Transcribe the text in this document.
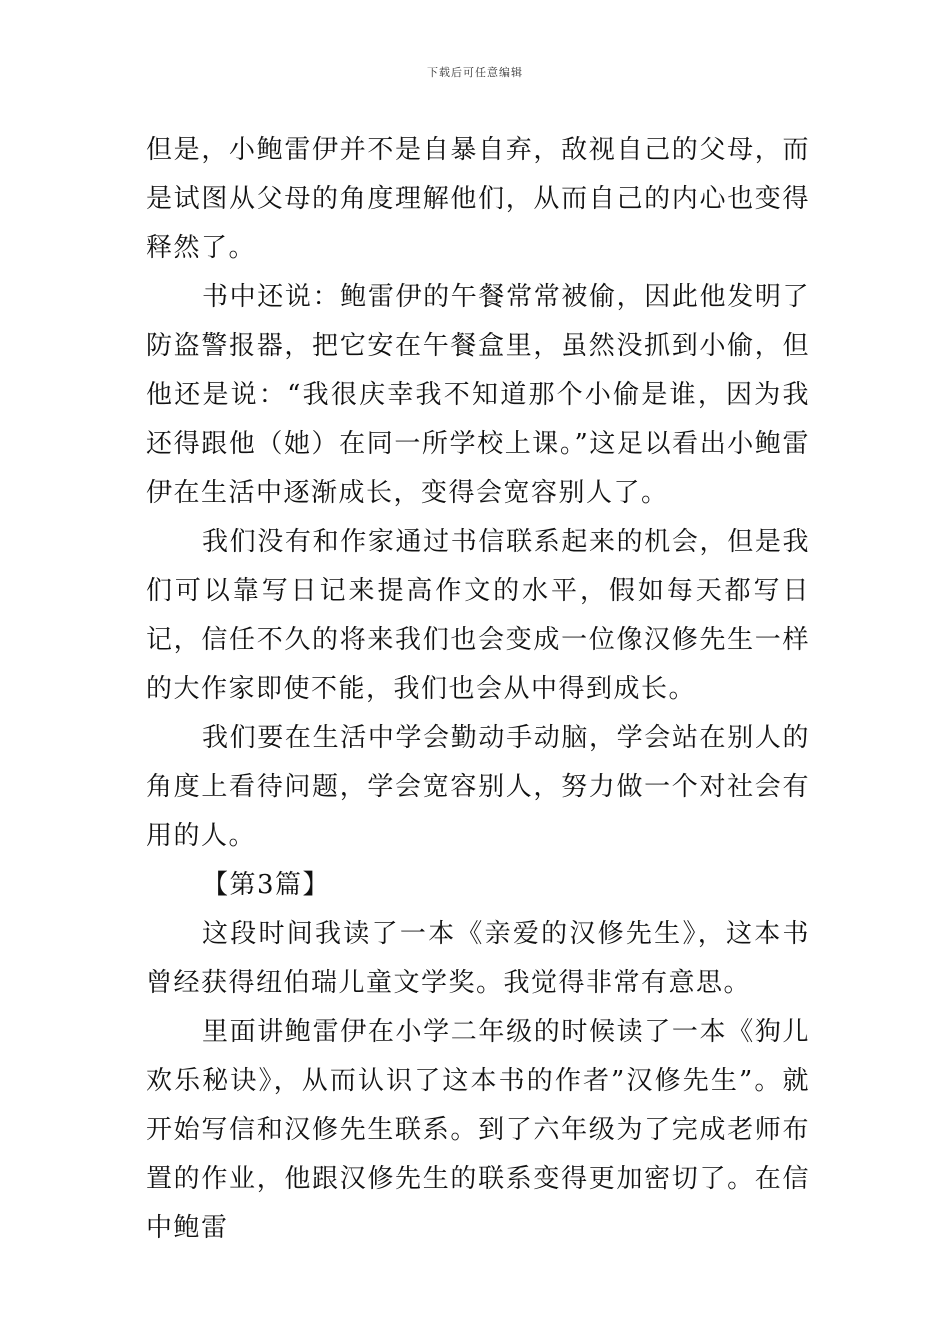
下载后可任意编辑

但是，小鲍雷伊并不是自暴自弃，敌视自己的父母，而是试图从父母的角度理解他们，从而自己的内心也变得释然了。

书中还说：鲍雷伊的午餐常常被偷，因此他发明了防盗警报器，把它安在午餐盒里，虽然没抓到小偷，但他还是说：“我很庆幸我不知道那个小偷是谁，因为我还得跟他（她）在同一所学校上课。”这足以看出小鲍雷伊在生活中逐渐成长，变得会宽容别人了。

我们没有和作家通过书信联系起来的机会，但是我们可以靠写日记来提高作文的水平，假如每天都写日记，信任不久的将来我们也会变成一位像汉修先生一样的大作家即使不能，我们也会从中得到成长。

我们要在生活中学会勤动手动脑，学会站在别人的角度上看待问题，学会宽容别人，努力做一个对社会有用的人。

【第3篇】

这段时间我读了一本《亲爱的汉修先生》，这本书曾经获得纽伯瑞儿童文学奖。我觉得非常有意思。

里面讲鲍雷伊在小学二年级的时候读了一本《狗儿欢乐秘诀》，从而认识了这本书的作者”汉修先生”。就开始写信和汉修先生联系。到了六年级为了完成老师布置的作业，他跟汉修先生的联系变得更加密切了。在信中鲍雷
